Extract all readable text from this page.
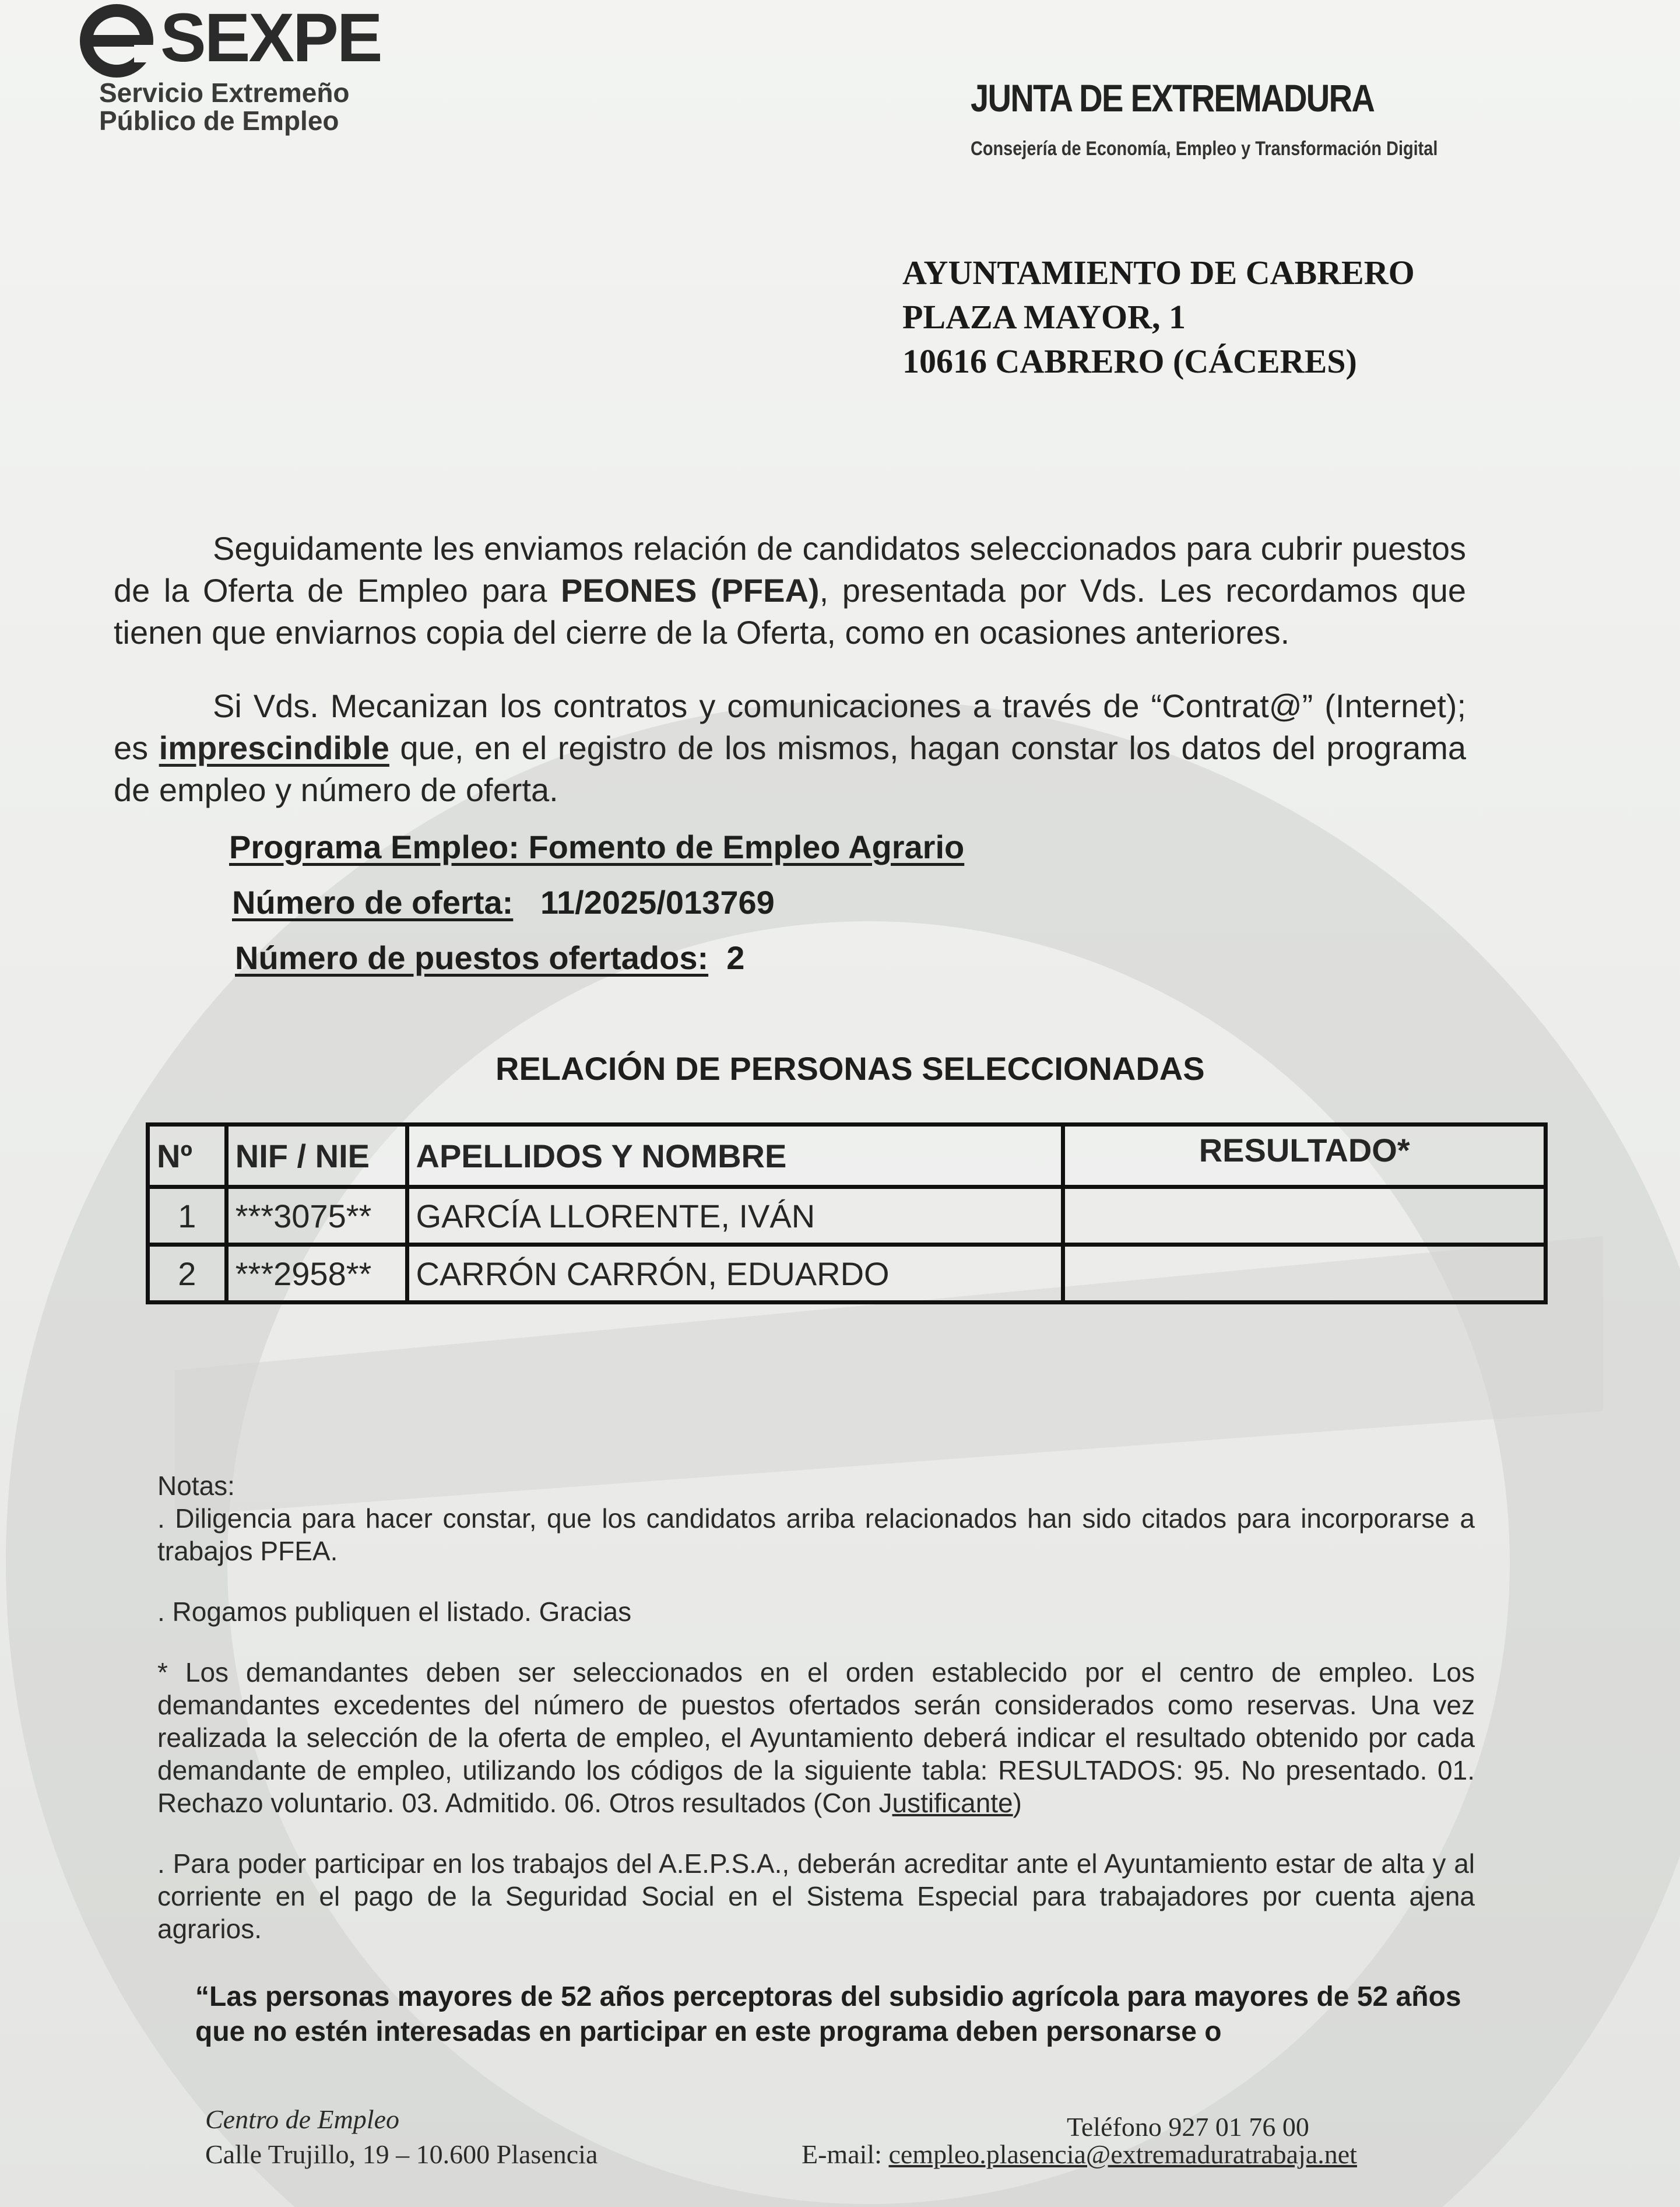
SEXPE
Servicio Extremeño
Público de Empleo
JUNTA DE EXTREMADURA
Consejería de Economía, Empleo y Transformación Digital
AYUNTAMIENTO DE CABRERO
PLAZA MAYOR, 1
10616 CABRERO (CÁCERES)
Seguidamente les enviamos relación de candidatos seleccionados para cubrir puestos de la Oferta de Empleo para PEONES (PFEA), presentada por Vds. Les recordamos que tienen que enviarnos copia del cierre de la Oferta, como en ocasiones anteriores.
Si Vds. Mecanizan los contratos y comunicaciones a través de “Contrat@” (Internet); es imprescindible que, en el registro de los mismos, hagan constar los datos del programa de empleo y número de oferta.
Programa Empleo: Fomento de Empleo Agrario
Número de oferta: 11/2025/013769
Número de puestos ofertados: 2
RELACIÓN DE PERSONAS SELECCIONADAS
Nº	NIF / NIE	APELLIDOS Y NOMBRE	RESULTADO*
1	***3075**	GARCÍA LLORENTE, IVÁN	
2	***2958**	CARRÓN CARRÓN, EDUARDO	

Notas:

. Diligencia para hacer constar, que los candidatos arriba relacionados han sido citados para incorporarse a trabajos PFEA.

. Rogamos publiquen el listado. Gracias

* Los demandantes deben ser seleccionados en el orden establecido por el centro de empleo. Los demandantes excedentes del número de puestos ofertados serán considerados como reservas. Una vez realizada la selección de la oferta de empleo, el Ayuntamiento deberá indicar el resultado obtenido por cada demandante de empleo, utilizando los códigos de la siguiente tabla: RESULTADOS: 95. No presentado. 01. Rechazo voluntario. 03. Admitido. 06. Otros resultados (Con Justificante)

. Para poder participar en los trabajos del A.E.P.S.A., deberán acreditar ante el Ayuntamiento estar de alta y al corriente en el pago de la Seguridad Social en el Sistema Especial para trabajadores por cuenta ajena agrarios.

“Las personas mayores de 52 años perceptoras del subsidio agrícola para mayores de 52 años que no estén interesadas en participar en este programa deben personarse o
Centro de Empleo
Calle Trujillo, 19 – 10.600 Plasencia
Teléfono 927 01 76 00
E-mail: cempleo.plasencia@extremaduratrabaja.net
